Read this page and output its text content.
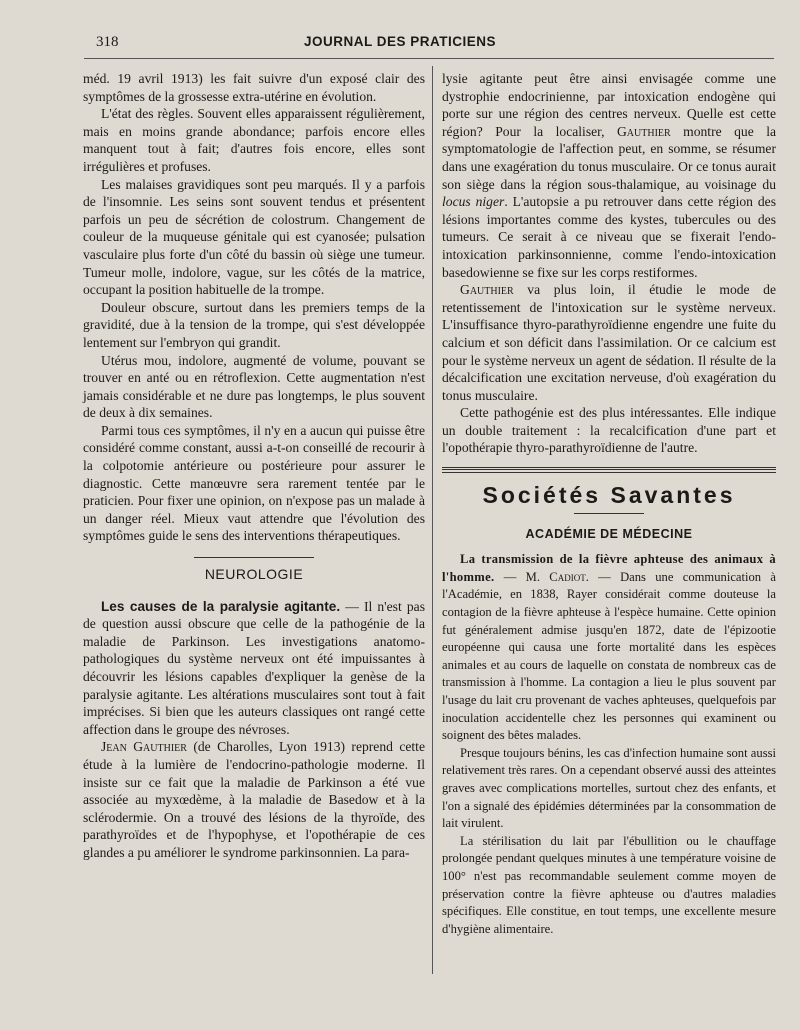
318	JOURNAL DES PRATICIENS

méd. 19 avril 1913) les fait suivre d'un exposé clair des symptômes de la grossesse extra-utérine en évolution.

L'état des règles. Souvent elles apparaissent régulièrement, mais en moins grande abondance; parfois encore elles manquent tout à fait; d'autres fois encore, elles sont irrégulières et profuses.

Les malaises gravidiques sont peu marqués. Il y a parfois de l'insomnie. Les seins sont souvent tendus et présentent parfois un peu de sécrétion de colostrum. Changement de couleur de la muqueuse génitale qui est cyanosée; pulsation vasculaire plus forte d'un côté du bassin où siège une tumeur. Tumeur molle, indolore, vague, sur les côtés de la matrice, occupant la position habituelle de la trompe.

Douleur obscure, surtout dans les premiers temps de la gravidité, due à la tension de la trompe, qui s'est développée lentement sur l'embryon qui grandit.

Utérus mou, indolore, augmenté de volume, pouvant se trouver en anté ou en rétroflexion. Cette augmentation n'est jamais considérable et ne dure pas longtemps, le plus souvent de deux à dix semaines.

Parmi tous ces symptômes, il n'y en a aucun qui puisse être considéré comme constant, aussi a-t-on conseillé de recourir à la colpotomie antérieure ou postérieure pour assurer le diagnostic. Cette manœuvre sera rarement tentée par le praticien. Pour fixer une opinion, on n'expose pas un malade à un danger réel. Mieux vaut attendre que l'évolution des symptômes guide le sens des interventions thérapeutiques.

NEUROLOGIE

Les causes de la paralysie agitante. — Il n'est pas de question aussi obscure que celle de la pathogénie de la maladie de Parkinson. Les investigations anatomo-pathologiques du système nerveux ont été impuissantes à découvrir les lésions capables d'expliquer la genèse de la paralysie agitante. Les altérations musculaires sont tout à fait imprécises. Si bien que les auteurs classiques ont rangé cette affection dans le groupe des névroses.

Jean Gauthier (de Charolles, Lyon 1913) reprend cette étude à la lumière de l'endocrino-pathologie moderne. Il insiste sur ce fait que la maladie de Parkinson a été vue associée au myxœdème, à la maladie de Basedow et à la sclérodermie. On a trouvé des lésions de la thyroïde, des parathyroïdes et de l'hypophyse, et l'opothérapie de ces glandes a pu améliorer le syndrome parkinsonnien. La para-

lysie agitante peut être ainsi envisagée comme une dystrophie endocrinienne, par intoxication endogène qui porte sur une région des centres nerveux. Quelle est cette région? Pour la localiser, Gauthier montre que la symptomatologie de l'affection peut, en somme, se résumer dans une exagération du tonus musculaire. Or ce tonus aurait son siège dans la région sous-thalamique, au voisinage du locus niger. L'autopsie a pu retrouver dans cette région des lésions importantes comme des kystes, tubercules ou des tumeurs. Ce serait à ce niveau que se fixerait l'endo-intoxication parkinsonnienne, comme l'endo-intoxication basedowienne se fixe sur les corps restiformes.

Gauthier va plus loin, il étudie le mode de retentissement de l'intoxication sur le système nerveux. L'insuffisance thyro-parathyroïdienne engendre une fuite du calcium et son déficit dans l'assimilation. Or ce calcium est pour le système nerveux un agent de sédation. Il résulte de la décalcification une excitation nerveuse, d'où exagération du tonus musculaire.

Cette pathogénie est des plus intéressantes. Elle indique un double traitement : la recalcification d'une part et l'opothérapie thyro-parathyroïdienne de l'autre.

Sociétés Savantes
ACADÉMIE DE MÉDECINE

La transmission de la fièvre aphteuse des animaux à l'homme. — M. Cadiot. — Dans une communication à l'Académie, en 1838, Rayer considérait comme douteuse la contagion de la fièvre aphteuse à l'espèce humaine. Cette opinion fut généralement admise jusqu'en 1872, date de l'épizootie européenne qui causa une forte mortalité dans les espèces animales et au cours de laquelle on constata de nombreux cas de transmission à l'homme. La contagion a lieu le plus souvent par l'usage du lait cru provenant de vaches aphteuses, quelquefois par inoculation accidentelle chez les personnes qui examinent ou soignent des bêtes malades.

Presque toujours bénins, les cas d'infection humaine sont aussi relativement très rares. On a cependant observé aussi des atteintes graves avec complications mortelles, surtout chez des enfants, et l'on a signalé des épidémies déterminées par la consommation de lait virulent.

La stérilisation du lait par l'ébullition ou le chauffage prolongée pendant quelques minutes à une température voisine de 100° n'est pas recommandable seulement comme moyen de préservation contre la fièvre aphteuse ou d'autres maladies spécifiques. Elle constitue, en tout temps, une excellente mesure d'hygiène alimentaire.
